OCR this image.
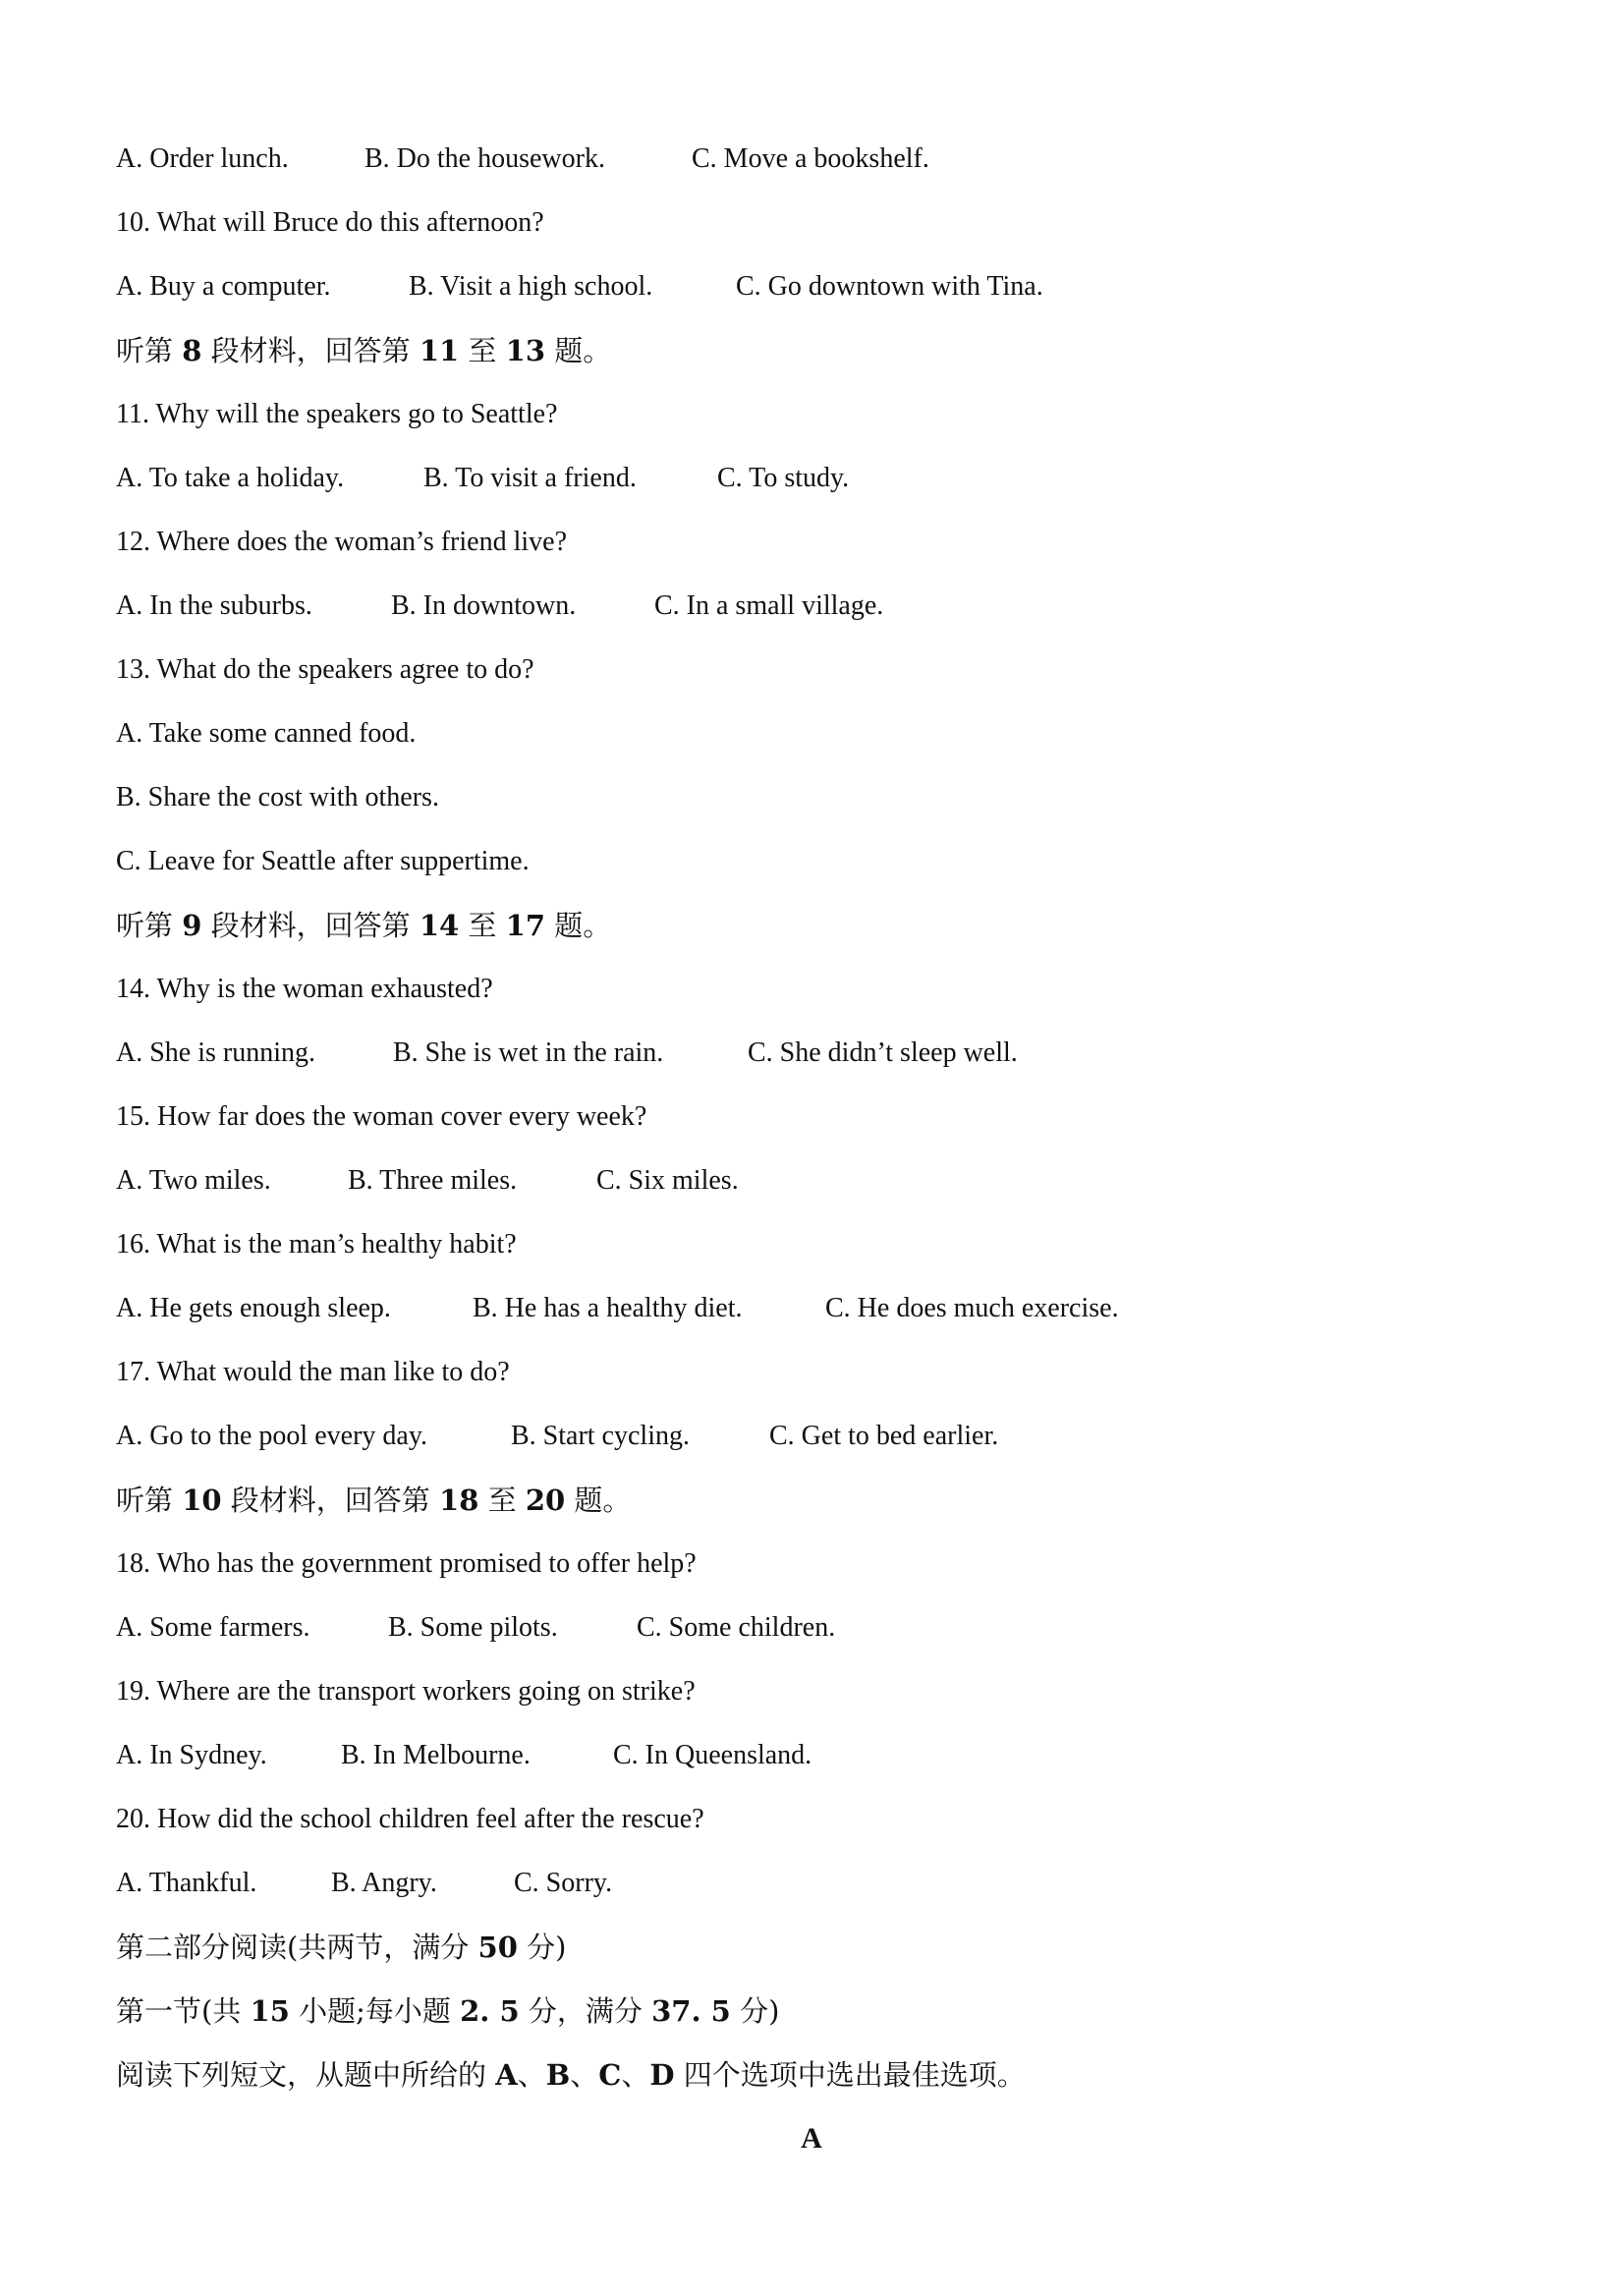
A. Order lunch.	B. Do the housework.	C. Move a bookshelf.
10. What will Bruce do this afternoon?
A. Buy a computer.	B. Visit a high school.	C. Go downtown with Tina.
听第 8 段材料，回答第 11 至 13 题。
11. Why will the speakers go to Seattle?
A. To take a holiday.	B. To visit a friend.	C. To study.
12. Where does the woman’s friend live?
A. In the suburbs.	B. In downtown.	C. In a small village.
13. What do the speakers agree to do?
A. Take some canned food.
B. Share the cost with others.
C. Leave for Seattle after suppertime.
听第 9 段材料，回答第 14 至 17 题。
14. Why is the woman exhausted?
A. She is running.	B. She is wet in the rain.	C. She didn’t sleep well.
15. How far does the woman cover every week?
A. Two miles.	B. Three miles.	C. Six miles.
16. What is the man’s healthy habit?
A. He gets enough sleep.	B. He has a healthy diet.	C. He does much exercise.
17. What would the man like to do?
A. Go to the pool every day.	B. Start cycling.	C. Get to bed earlier.
听第 10 段材料，回答第 18 至 20 题。
18. Who has the government promised to offer help?
A. Some farmers.	B. Some pilots.	C. Some children.
19. Where are the transport workers going on strike?
A. In Sydney.	B. In Melbourne.	C. In Queensland.
20. How did the school children feel after the rescue?
A. Thankful.	B. Angry.	C. Sorry.
第二部分阅读(共两节，满分 50 分)
第一节(共 15 小题;每小题 2. 5 分，满分 37. 5 分)
阅读下列短文，从题中所给的 A、B、C、D 四个选项中选出最佳选项。
A
